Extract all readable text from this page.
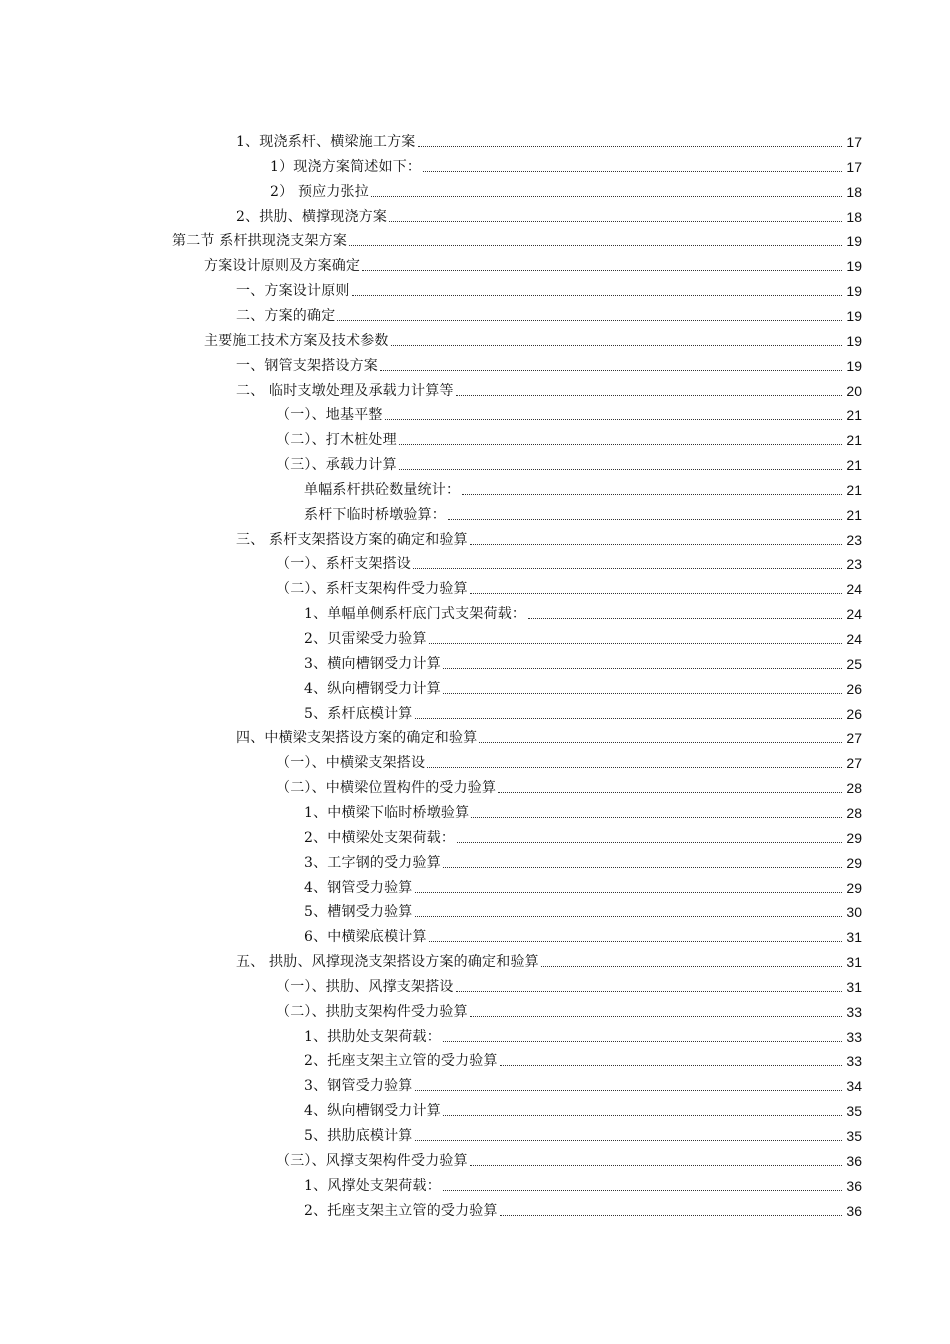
1、现浇系杆、横梁施工方案	17
1）现浇方案简述如下：	17
2） 预应力张拉	18
2、拱肋、横撑现浇方案	18
第二节 系杆拱现浇支架方案	19
方案设计原则及方案确定	19
一、方案设计原则	19
二、方案的确定	19
主要施工技术方案及技术参数	19
一、钢管支架搭设方案	19
二、 临时支墩处理及承载力计算等	20
（一）、地基平整	21
（二）、打木桩处理	21
（三）、承载力计算	21
单幅系杆拱砼数量统计：	21
系杆下临时桥墩验算：	21
三、 系杆支架搭设方案的确定和验算	23
（一）、系杆支架搭设	23
（二）、系杆支架构件受力验算	24
1、单幅单侧系杆底门式支架荷载：	24
2、贝雷梁受力验算	24
3、横向槽钢受力计算	25
4、纵向槽钢受力计算	26
5、系杆底模计算	26
四、中横梁支架搭设方案的确定和验算	27
（一）、中横梁支架搭设	27
（二）、中横梁位置构件的受力验算	28
1、中横梁下临时桥墩验算	28
2、中横梁处支架荷载：	29
3、工字钢的受力验算	29
4、钢管受力验算	29
5、槽钢受力验算	30
6、中横梁底模计算	31
五、 拱肋、风撑现浇支架搭设方案的确定和验算	31
（一）、拱肋、风撑支架搭设	31
（二）、拱肋支架构件受力验算	33
1、拱肋处支架荷载：	33
2、托座支架主立管的受力验算	33
3、钢管受力验算	34
4、纵向槽钢受力计算	35
5、拱肋底模计算	35
（三）、风撑支架构件受力验算	36
1、风撑处支架荷载：	36
2、托座支架主立管的受力验算	36
